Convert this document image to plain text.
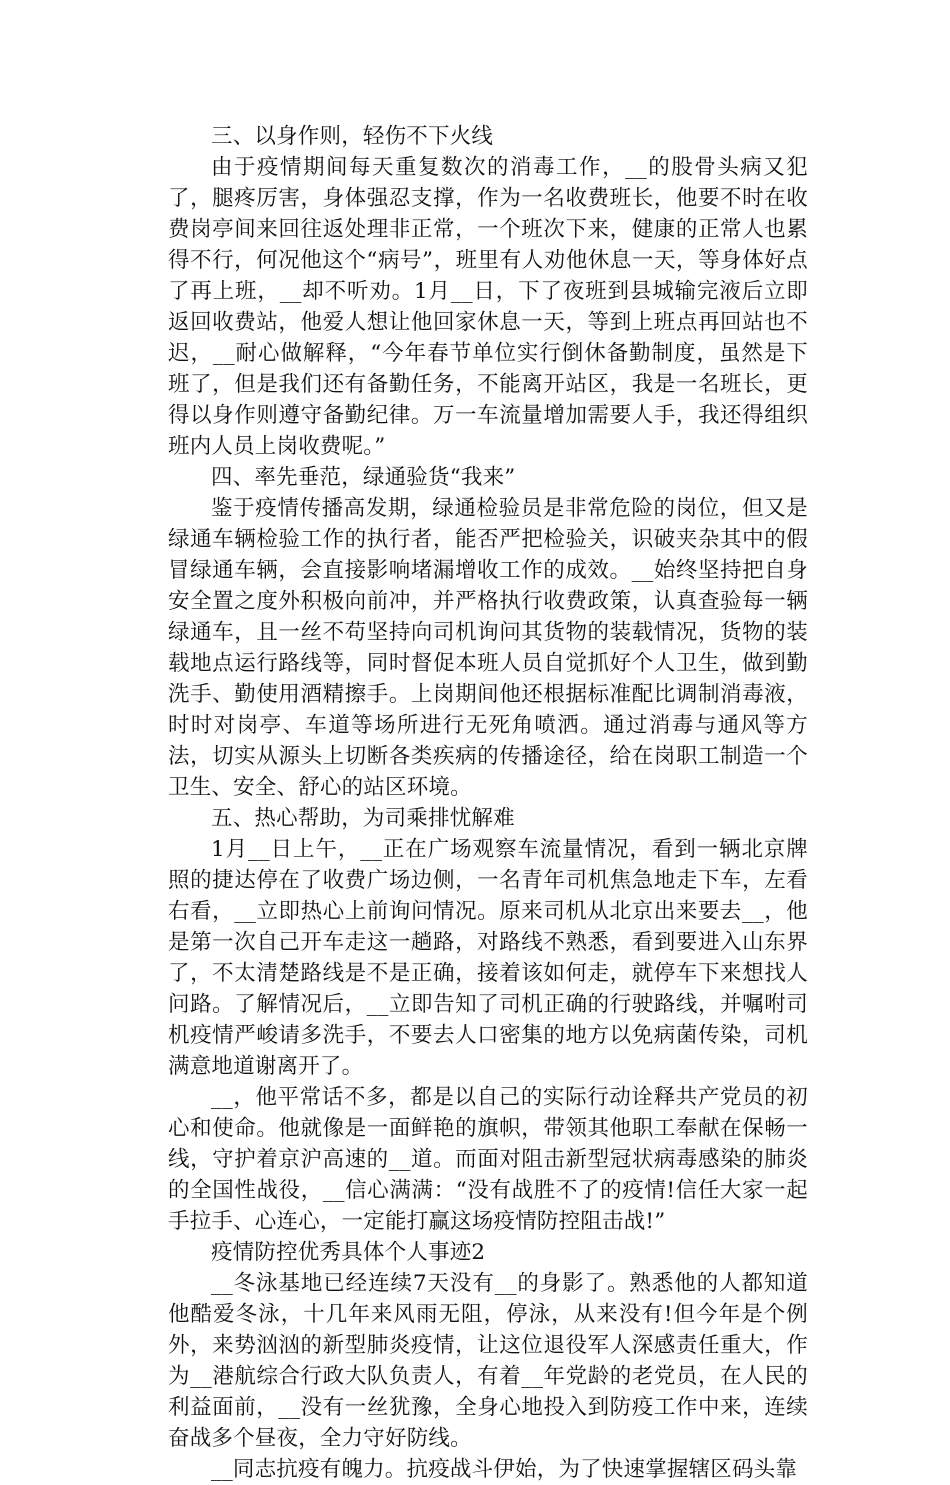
三、以身作则，轻伤不下火线

由于疫情期间每天重复数次的消毒工作，__的股骨头病又犯了，腿疼厉害，身体强忍支撑，作为一名收费班长，他要不时在收费岗亭间来回往返处理非正常，一个班次下来，健康的正常人也累得不行，何况他这个“病号”，班里有人劝他休息一天，等身体好点了再上班，__却不听劝。1月__日，下了夜班到县城输完液后立即返回收费站，他爱人想让他回家休息一天，等到上班点再回站也不迟，__耐心做解释，“今年春节单位实行倒休备勤制度，虽然是下班了，但是我们还有备勤任务，不能离开站区，我是一名班长，更得以身作则遵守备勤纪律。万一车流量增加需要人手，我还得组织班内人员上岗收费呢。”

四、率先垂范，绿通验货“我来”

鉴于疫情传播高发期，绿通检验员是非常危险的岗位，但又是绿通车辆检验工作的执行者，能否严把检验关，识破夹杂其中的假冒绿通车辆，会直接影响堵漏增收工作的成效。__始终坚持把自身安全置之度外积极向前冲，并严格执行收费政策，认真查验每一辆绿通车，且一丝不苟坚持向司机询问其货物的装载情况，货物的装载地点运行路线等，同时督促本班人员自觉抓好个人卫生，做到勤洗手、勤使用酒精擦手。上岗期间他还根据标准配比调制消毒液，时时对岗亭、车道等场所进行无死角喷洒。通过消毒与通风等方法，切实从源头上切断各类疾病的传播途径，给在岗职工制造一个卫生、安全、舒心的站区环境。

五、热心帮助，为司乘排忧解难

1月__日上午，__正在广场观察车流量情况，看到一辆北京牌照的捷达停在了收费广场边侧，一名青年司机焦急地走下车，左看右看，__立即热心上前询问情况。原来司机从北京出来要去__，他是第一次自己开车走这一趟路，对路线不熟悉，看到要进入山东界了，不太清楚路线是不是正确，接着该如何走，就停车下来想找人问路。了解情况后，__立即告知了司机正确的行驶路线，并嘱咐司机疫情严峻请多洗手，不要去人口密集的地方以免病菌传染，司机满意地道谢离开了。

__，他平常话不多，都是以自己的实际行动诠释共产党员的初心和使命。他就像是一面鲜艳的旗帜，带领其他职工奉献在保畅一线，守护着京沪高速的__道。而面对阻击新型冠状病毒感染的肺炎的全国性战役，__信心满满：“没有战胜不了的疫情!信任大家一起手拉手、心连心，一定能打赢这场疫情防控阻击战!”

疫情防控优秀具体个人事迹2

__冬泳基地已经连续7天没有__的身影了。熟悉他的人都知道他酷爱冬泳，十几年来风雨无阻，停泳，从来没有!但今年是个例外，来势汹汹的新型肺炎疫情，让这位退役军人深感责任重大，作为__港航综合行政大队负责人，有着__年党龄的老党员，在人民的利益面前，__没有一丝犹豫，全身心地投入到防疫工作中来，连续奋战多个昼夜，全力守好防线。

__同志抗疫有魄力。抗疫战斗伊始，为了快速掌握辖区码头靠
